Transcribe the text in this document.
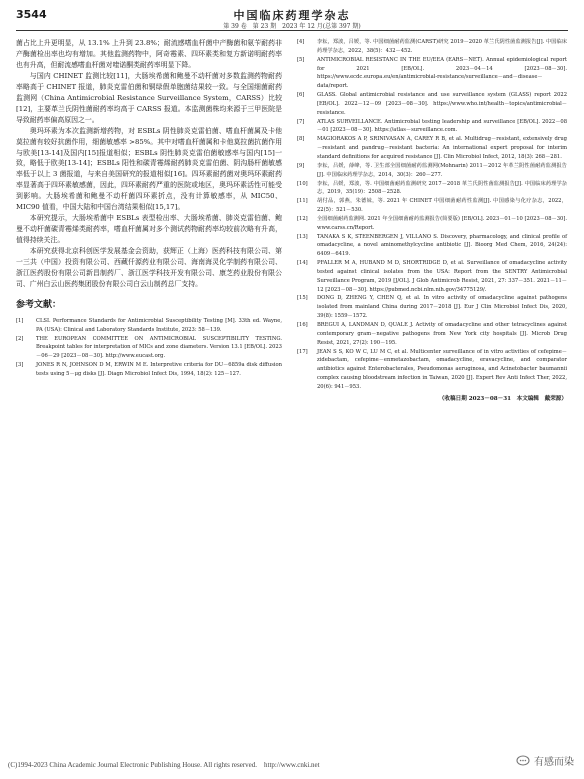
3544	中国临床药理学杂志
第 39 卷　第 23 期　2023 年 12 月(总第 397 期)

菌占比上升更明显，从 13.1% 上升到 23.8%；耐流感嗜血杆菌中产酶菌和氨苄耐药非产酶菌检出率也均有增加。其他监测药物中，阿奇霉素、四环素类和复方新诺明耐药率也有升高，但耐流感嗜血杆菌对喹诺酮类耐药率明显下降。

与国内 CHINET 监测比较[11]，大肠埃希菌和鲍曼不动杆菌对多数监测药物耐药率略高于 CHINET 报道，肺炎克雷伯菌和铜绿假单胞菌结果较一致。与全国细菌耐药监测网（China Antimicrobial Resistance Surveillance System，CARSS）比较[12]，主要革兰氏阴性菌耐药率均高于 CARSS 报道。本监测菌株均来源于三甲医院是导致耐药率偏高原因之一。

奥玛环素为本次监测新增药物，对 ESBLs 阴性肺炎克雷伯菌、嗜血杆菌属及卡他莫拉菌有较好抗菌作用，细菌敏感率 >85%。其中对嗜血杆菌属和卡他莫拉菌抗菌作用与欧美[13-14]及国内[15]报道相似；ESBLs 阴性肺炎克雷伯菌敏感率与国内[15]一致，略低于欧美[13-14]；ESBLs 阳性和碳青霉烯耐药肺炎克雷伯菌、阴沟肠杆菌敏感率低于以上 3 菌报道，与来自美国研究的报道相似[16]。四环素耐药菌对奥玛环素耐药率显著高于四环素敏感菌，因此，四环素耐药严重的医院或地区，奥玛环素活性可能受到影响。大肠埃希菌和鲍曼不动杆菌四环素折点，没有计算敏感率，从 MIC50、MIC90 值看，中国大陆和中国台湾结果相似[15,17]。

本研究提示，大肠埃希菌中 ESBLs 表型检出率、大肠埃希菌、肺炎克雷伯菌、鲍曼不动杆菌碳青霉烯类耐药率，嗜血杆菌属对多个测试药物耐药率均较前次略有升高，值得持续关注。

本研究获得北京科创医学发展基金会资助，获辉正（上海）医药科技有限公司、第一三共（中国）投资有限公司、西藏仟源药业有限公司、海南海灵化学制药有限公司、浙江医药股份有限公司新昌制药厂、浙江医学科技开发有限公司、康芝药业股份有限公司、广州白云山医药集团股份有限公司白云山制药总厂支持。

参考文献：
[1]	CLSI. Performance Standards for Antimicrobial Susceptibility Testing [M]. 33th ed. Wayne, PA (USA): Clinical and Laboratory Standards Institute, 2023: 58－139.
[2]	THE EUROPEAN COMMITTEE ON ANTIMICROBIAL SUSCEPTIBILITY TESTING. Breakpoint tables for interpretation of MICs and zone diameters. Version 13.1 [EB/OL]. 2023－06－29 [2023－08－30]. http://www.eucast.org.
[3]	JONES R N, JOHNSON D M, ERWIN M E. Interpretive criteria for DU－6859a disk diffusion tests using 5－μg disks [J]. Diagn Microbiol Infect Dis, 1994, 18(2): 125－127.
[4]	李耘，郑波，吕媛，等. 中国细菌耐药监测(CARST)研究 2019－2020 革兰氏阴性菌监测报告[J]. 中国临床药理学杂志，2022，38(5)：432－452.
[5]	ANTIMICROBIAL RESISTANC IN THE EU/EEA (EARS－NET). Annual epidemiological report for 2021 [EB/OL]. 2023－04－14 [2023－08－30]. https://www.ecdc.europa.eu/en/antimicrobial-resistance/surveillance－and－disease－data/report.
[6]	GLASS. Global antimicrobial resistance and use surveillance system (GLASS) report 2022 [EB/OL]. 2022－12－09 [2023－08－30]. https://www.who.int/health－topics/antimicrobial－resistance.
[7]	ATLAS SURVEILLANCE. Antimicrobial testing leadership and surveillance [EB/OL]. 2022－08－01 [2023－08－30]. https://atlas－surveillance.com.
[8]	MAGIORAKOS A P, SRINIVASAN A, CAREY R B, et al. Multidrug－resistant, extensively drug－resistant and pandrug－resistant bacteria: An international expert proposal for interim standard definitions for acquired resistance [J]. Clin Microbiol Infect, 2012, 18(3): 268－281.
[9]	李耘，吕媛，薛峰，等. 卫生部全国细菌耐药监测网(Mohnarin) 2011－2012 年革兰阴性菌耐药监测报告[J]. 中国临床药理学杂志，2014，30(3)：260－277.
[10]	李耘，吕媛，郑波，等. 中国细菌耐药监测研究 2017－2018 革兰氏阴性菌监测报告[J]. 中国临床药理学杂志，2019，35(19)：2508－2528.
[11]	胡付品，郭燕，朱德妹，等. 2021 年 CHINET 中国细菌耐药性监测[J]. 中国感染与化疗杂志，2022，22(5)：521－530.
[12]	全国细菌耐药监测网. 2021 年全国细菌耐药监测报告(简要版) [EB/OL]. 2023－01－10 [2023－08－30]. www.carss.cn/Report.
[13]	TANAKA S K, STEENBERGEN J, VILLANO S. Discovery, pharmacology, and clinical profile of omadacycline, a novel aminomethylcycline antibiotic [J]. Bioorg Med Chem, 2016, 24(24): 6409－6419.
[14]	PFALLER M A, HUBAND M D, SHORTRIDGE D, et al. Surveillance of omadacycline activity tested against clinical isolates from the USA: Report from the SENTRY Antimicrobial Surveillance Program, 2019 [J/OL]. J Glob Antimicrob Resist, 2021, 27: 337－351. 2021－11－12 [2023－08－30]. https://pubmed.ncbi.nlm.nih.gov/34775129/.
[15]	DONG D, ZHENG Y, CHEN Q, et al. In vitro activity of omadacycline against pathogens isolated from mainland China during 2017－2018 [J]. Eur J Clin Microbiol Infect Dis, 2020, 39(8): 1559－1572.
[16]	BREGUI A, LANDMAN D, QUALE J. Activity of omadacycline and other tetracyclines against contemporary gram－negative pathogens from New York city hospitals [J]. Microb Drug Resist, 2021, 27(2): 190－195.
[17]	JEAN S S, KO W C, LU M C, et al. Multicenter surveillance of in vitro activities of cefepime－zidebactam, cefepime－enmetazobactam, omadacycline, eravacycline, and comparator antibiotics against Enterobacterales, Pseudomonas aeruginosa, and Acinetobacter baumannii complex causing bloodstream infection in Taiwan, 2020 [J]. Expert Rev Anti Infect Ther, 2022, 20(6): 941－953.
（收稿日期 2023－08－31　本文编辑　戴荣源）
(C)1994-2023 China Academic Journal Electronic Publishing House. All rights reserved.　http://www.cnki.net	有感而染
